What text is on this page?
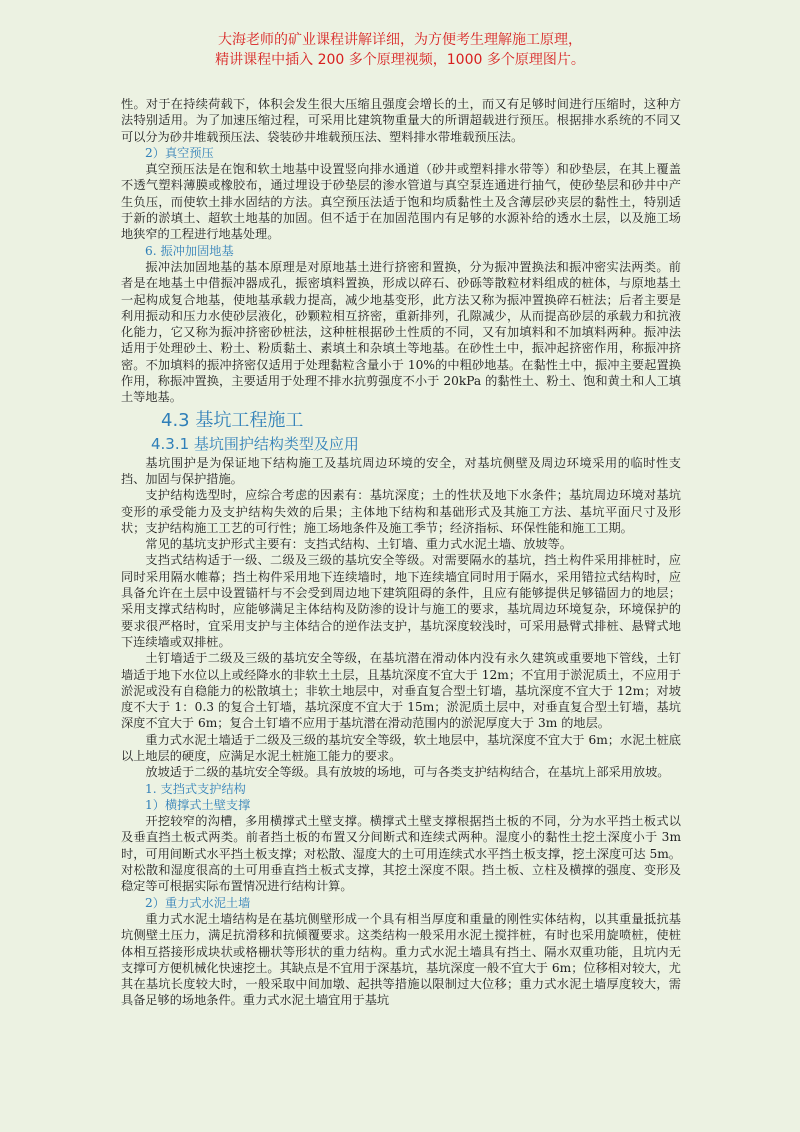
大海老师的矿业课程讲解详细，为方便考生理解施工原理，
精讲课程中插入 200 多个原理视频，1000 多个原理图片。

性。对于在持续荷载下，体积会发生很大压缩且强度会增长的土，而又有足够时间进行压缩时，这种方法特别适用。为了加速压缩过程，可采用比建筑物重量大的所谓超载进行预压。根据排水系统的不同又可以分为砂井堆载预压法、袋装砂井堆载预压法、塑料排水带堆载预压法。

2）真空预压

真空预压法是在饱和软土地基中设置竖向排水通道（砂井或塑料排水带等）和砂垫层，在其上覆盖不透气塑料薄膜或橡胶布，通过埋设于砂垫层的渗水管道与真空泵连通进行抽气，使砂垫层和砂井中产生负压，而使软土排水固结的方法。真空预压法适于饱和均质黏性土及含薄层砂夹层的黏性土，特别适于新的淤填土、超软土地基的加固。但不适于在加固范围内有足够的水源补给的透水土层，以及施工场地狭窄的工程进行地基处理。

6. 振冲加固地基

振冲法加固地基的基本原理是对原地基土进行挤密和置换，分为振冲置换法和振冲密实法两类。前者是在地基土中借振冲器成孔，振密填料置换，形成以碎石、砂砾等散粒材料组成的桩体，与原地基土一起构成复合地基，使地基承载力提高，减少地基变形，此方法又称为振冲置换碎石桩法；后者主要是利用振动和压力水使砂层液化，砂颗粒相互挤密，重新排列，孔隙减少，从而提高砂层的承载力和抗液化能力，它又称为振冲挤密砂桩法，这种桩根据砂土性质的不同，又有加填料和不加填料两种。振冲法适用于处理砂土、粉土、粉质黏土、素填土和杂填土等地基。在砂性土中，振冲起挤密作用，称振冲挤密。不加填料的振冲挤密仅适用于处理黏粒含量小于 10%的中粗砂地基。在黏性土中，振冲主要起置换作用，称振冲置换，主要适用于处理不排水抗剪强度不小于 20kPa 的黏性土、粉土、饱和黄土和人工填土等地基。

4.3 基坑工程施工
4.3.1 基坑围护结构类型及应用

基坑围护是为保证地下结构施工及基坑周边环境的安全，对基坑侧壁及周边环境采用的临时性支挡、加固与保护措施。

支护结构选型时，应综合考虑的因素有：基坑深度；土的性状及地下水条件；基坑周边环境对基坑变形的承受能力及支护结构失效的后果；主体地下结构和基础形式及其施工方法、基坑平面尺寸及形状；支护结构施工工艺的可行性；施工场地条件及施工季节；经济指标、环保性能和施工工期。

常见的基坑支护形式主要有：支挡式结构、土钉墙、重力式水泥土墙、放坡等。

支挡式结构适于一级、二级及三级的基坑安全等级。对需要隔水的基坑，挡土构件采用排桩时，应同时采用隔水帷幕；挡土构件采用地下连续墙时，地下连续墙宜同时用于隔水，采用错拉式结构时，应具备允许在土层中设置锚杆与不会受到周边地下建筑阻碍的条件，且应有能够提供足够锚固力的地层；采用支撑式结构时，应能够满足主体结构及防渗的设计与施工的要求，基坑周边环境复杂，环境保护的要求很严格时，宜采用支护与主体结合的逆作法支护，基坑深度较浅时，可采用悬臂式排桩、悬臂式地下连续墙或双排桩。

土钉墙适于二级及三级的基坑安全等级，在基坑潜在滑动体内没有永久建筑或重要地下管线，土钉墙适于地下水位以上或经降水的非软土土层，且基坑深度不宜大于 12m；不宜用于淤泥质土，不应用于淤泥或没有自稳能力的松散填土；非软土地层中，对垂直复合型土钉墙，基坑深度不宜大于 12m；对坡度不大于 1：0.3 的复合土钉墙，基坑深度不宜大于 15m；淤泥质土层中，对垂直复合型土钉墙，基坑深度不宜大于 6m；复合土钉墙不应用于基坑潜在滑动范围内的淤泥厚度大于 3m 的地层。

重力式水泥土墙适于二级及三级的基坑安全等级，软土地层中，基坑深度不宜大于 6m；水泥土桩底以上地层的硬度，应满足水泥土桩施工能力的要求。

放坡适于二级的基坑安全等级。具有放坡的场地，可与各类支护结构结合，在基坑上部采用放坡。

1. 支挡式支护结构
1）横撑式土壁支撑

开挖较窄的沟槽，多用横撑式土壁支撑。横撑式土壁支撑根据挡土板的不同，分为水平挡土板式以及垂直挡土板式两类。前者挡土板的布置又分间断式和连续式两种。湿度小的黏性土挖土深度小于 3m 时，可用间断式水平挡土板支撑；对松散、湿度大的土可用连续式水平挡土板支撑，挖土深度可达 5m。对松散和湿度很高的土可用垂直挡土板式支撑，其挖土深度不限。挡土板、立柱及横撑的强度、变形及稳定等可根据实际布置情况进行结构计算。

2）重力式水泥土墙

重力式水泥土墙结构是在基坑侧壁形成一个具有相当厚度和重量的刚性实体结构，以其重量抵抗基坑侧壁土压力，满足抗滑移和抗倾覆要求。这类结构一般采用水泥土搅拌桩，有时也采用旋喷桩，使桩体相互搭接形成块状或格栅状等形状的重力结构。重力式水泥土墙具有挡土、隔水双重功能，且坑内无支撑可方便机械化快速挖土。其缺点是不宜用于深基坑，基坑深度一般不宜大于 6m；位移相对较大，尤其在基坑长度较大时，一般采取中间加墩、起拱等措施以限制过大位移；重力式水泥土墙厚度较大，需具备足够的场地条件。重力式水泥土墙宜用于基坑
